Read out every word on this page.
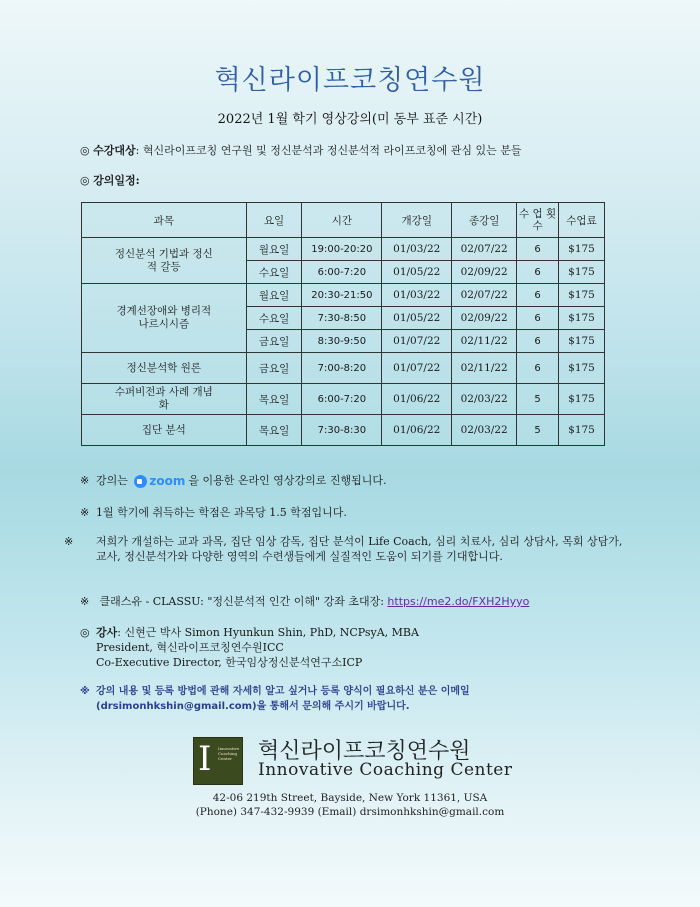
혁신라이프코칭연수원
2022년 1월 학기 영상강의(미 동부 표준 시간)
◎ 수강대상: 혁신라이프코칭 연구원 및 정신분석과 정신분석적 라이프코칭에 관심 있는 분들
◎ 강의일정:
과목	요일	시간	개강일	종강일	수 업 횟수	수업료
정신분석 기법과 정신적 갈등	월요일	19:00-20:20	01/03/22	02/07/22	6	$175
	수요일	6:00-7:20	01/05/22	02/09/22	6	$175
경계선장애와 병리적 나르시시즘	월요일	20:30-21:50	01/03/22	02/07/22	6	$175
	수요일	7:30-8:50	01/05/22	02/09/22	6	$175
	금요일	8:30-9:50	01/07/22	02/11/22	6	$175
정신분석학 원론	금요일	7:00-8:20	01/07/22	02/11/22	6	$175
수퍼비전과 사례 개념화	목요일	6:00-7:20	01/06/22	02/03/22	5	$175
집단 분석	목요일	7:30-8:30	01/06/22	02/03/22	5	$175
※ 강의는 zoom 을 이용한 온라인 영상강의로 진행됩니다.
※ 1월 학기에 취득하는 학점은 과목당 1.5 학점입니다.
※ 저희가 개설하는 교과 과목, 집단 임상 감독, 집단 분석이 Life Coach, 심리 치료사, 심리 상담사, 목회 상담가, 교사, 정신분석가와 다양한 영역의 수련생들에게 실질적인 도움이 되기를 기대합니다.
※ 클래스유 - CLASSU: "정신분석적 인간 이해" 강좌 초대장: https://me2.do/FXH2Hyyo
◎ 강사: 신현근 박사 Simon Hyunkun Shin, PhD, NCPsyA, MBA
President, 혁신라이프코칭연수원ICC
Co-Executive Director, 한국임상정신분석연구소ICP
※ 강의 내용 및 등록 방법에 관해 자세히 알고 싶거나 등록 양식이 필요하신 분은 이메일
(drsimonhkshin@gmail.com)을 통해서 문의해 주시기 바랍니다.
I	Innovative Coaching Center	혁신라이프코칭연수원
Innovative Coaching Center
42-06 219th Street, Bayside, New York 11361, USA
(Phone) 347-432-9939 (Email) drsimonhkshin@gmail.com
